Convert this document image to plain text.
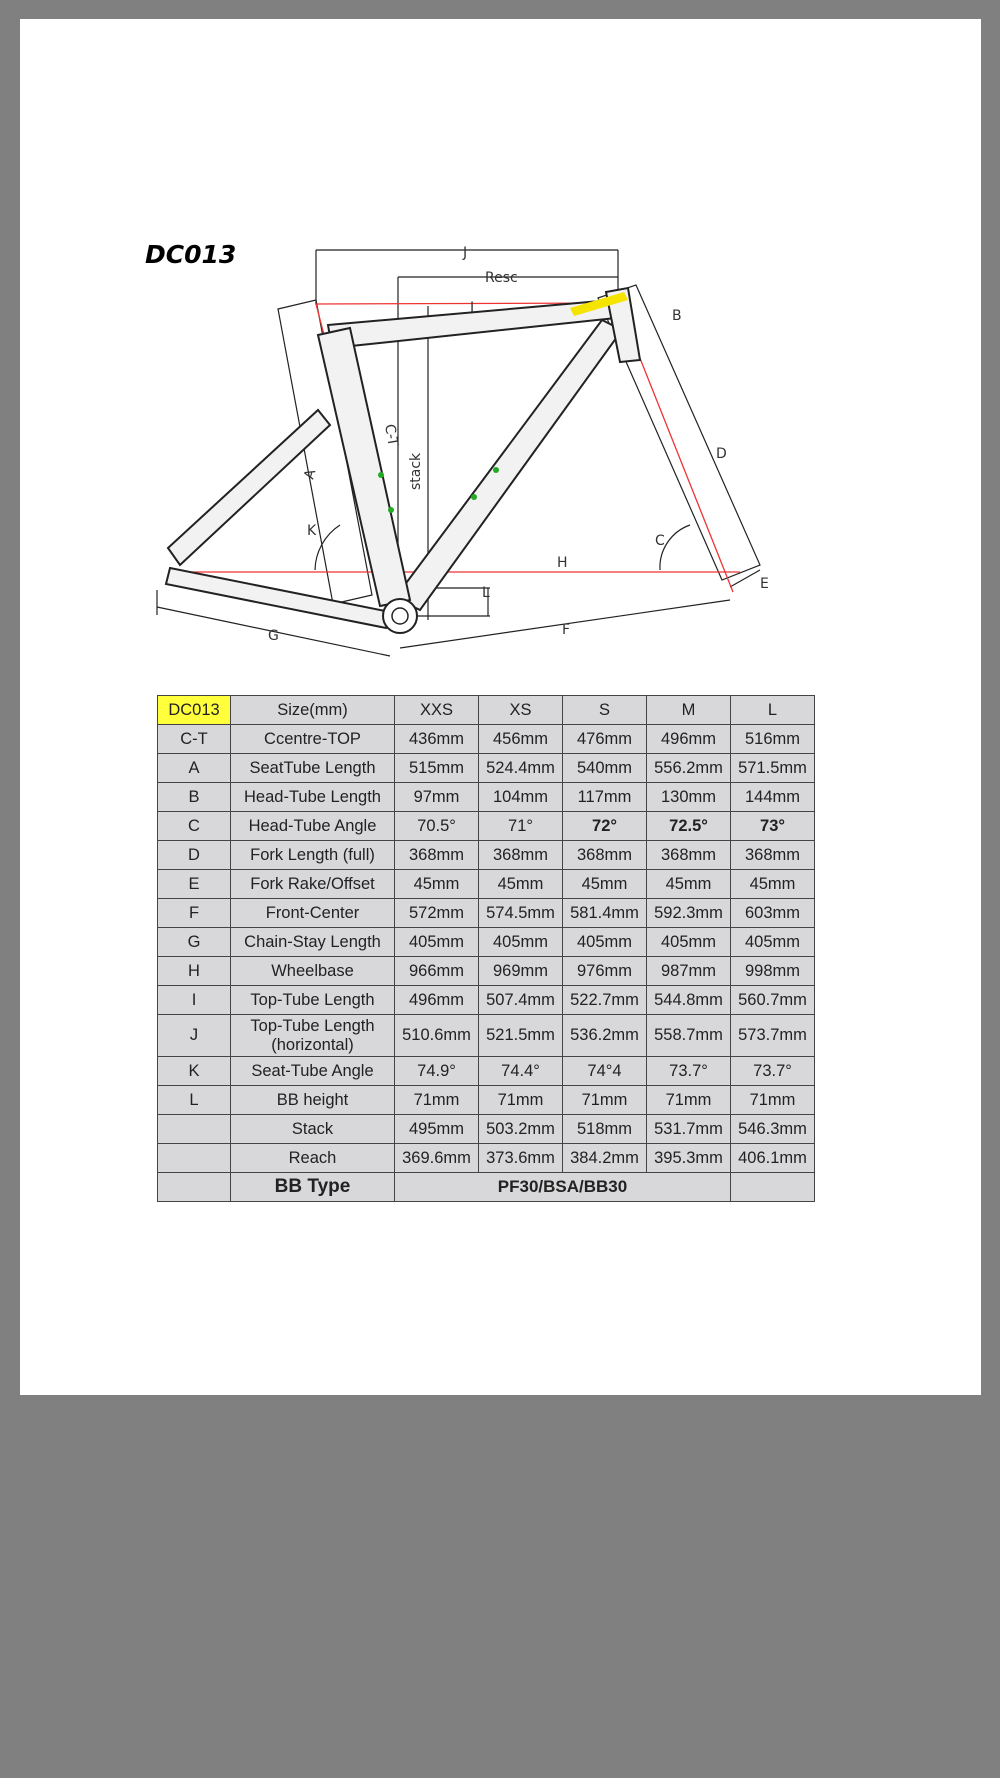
DC013	J
Resc
I	B
C-T
stack
A
D
K
C
H
E
L
G	F
DC013	Size(mm)	XXS	XS	S	M	L
C-T	Ccentre-TOP	436mm	456mm	476mm	496mm	516mm
A	SeatTube Length	515mm	524.4mm	540mm	556.2mm	571.5mm
B	Head-Tube Length	97mm	104mm	117mm	130mm	144mm
C	Head-Tube Angle	70.5°	71°	72°	72.5°	73°
D	Fork Length (full)	368mm	368mm	368mm	368mm	368mm
E	Fork Rake/Offset	45mm	45mm	45mm	45mm	45mm
F	Front-Center	572mm	574.5mm	581.4mm	592.3mm	603mm
G	Chain-Stay Length	405mm	405mm	405mm	405mm	405mm
H	Wheelbase	966mm	969mm	976mm	987mm	998mm
I	Top-Tube Length	496mm	507.4mm	522.7mm	544.8mm	560.7mm
J	Top-Tube Length
(horizontal)	510.6mm	521.5mm	536.2mm	558.7mm	573.7mm
K	Seat-Tube Angle	74.9°	74.4°	74°4	73.7°	73.7°
L	BB height	71mm	71mm	71mm	71mm	71mm
	Stack	495mm	503.2mm	518mm	531.7mm	546.3mm
	Reach	369.6mm	373.6mm	384.2mm	395.3mm	406.1mm
	BB Type	PF30/BSA/BB30				
